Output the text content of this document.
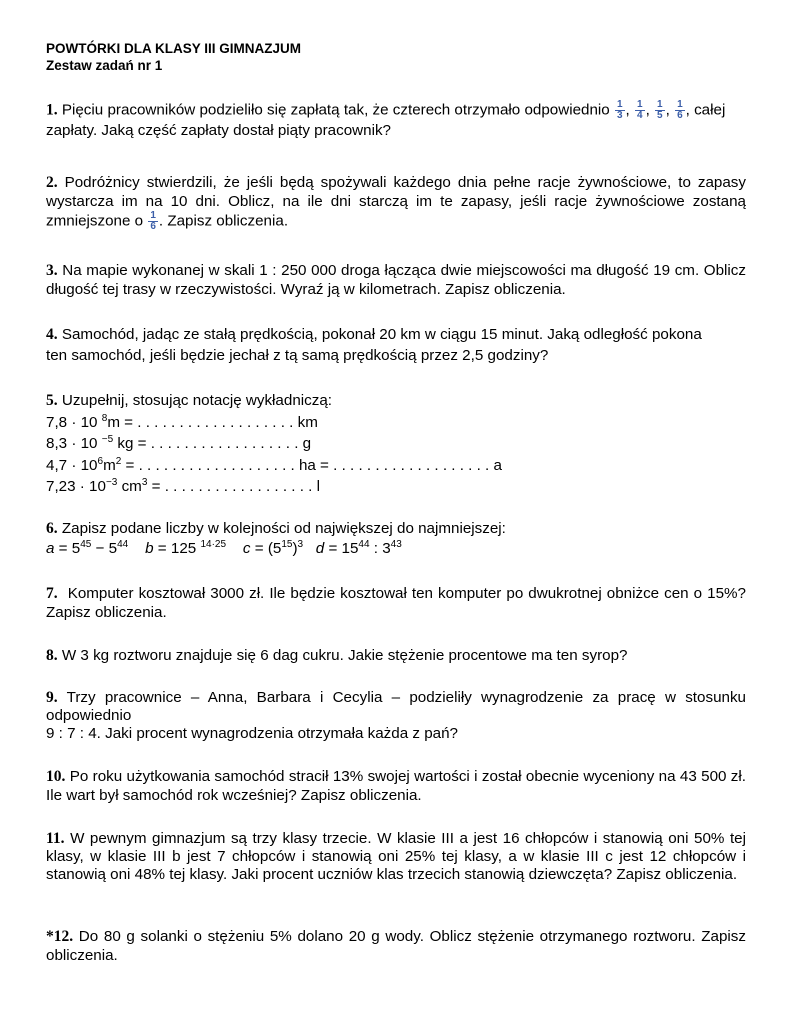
POWTÓRKI DLA KLASY III GIMNAZJUM
Zestaw zadań nr 1
1. Pięciu pracowników podzieliło się zapłatą tak, że czterech otrzymało odpowiednio $\frac{1}{3}$ , $\frac{1}{4}$ , $\frac{1}{5}$ , $\frac{1}{6}$ , całej zapłaty. Jaką część zapłaty dostał piąty pracownik?
2. Podróżnicy stwierdzili, że jeśli będą spożywali każdego dnia pełne racje żywnościowe, to zapasy wystarcza im na 10 dni. Oblicz, na ile dni starczą im te zapasy, jeśli racje żywnościowe zostaną zmniejszone o $\frac{1}{6}$ . Zapisz obliczenia.
3. Na mapie wykonanej w skali 1 : 250 000 droga łącząca dwie miejscowości ma długość 19 cm. Oblicz długość tej trasy w rzeczywistości. Wyraź ją w kilometrach. Zapisz obliczenia.
4. Samochód, jadąc ze stałą prędkością, pokonał 20 km w ciągu 15 minut. Jaką odległość pokona
ten samochód, jeśli będzie jechał z tą samą prędkością przez 2,5 godziny?
5. Uzupełnij, stosując notację wykładniczą:
7,8 · 10 $^8$m = . . . . . . . . . . . . . . . . . . . km
8,3 · 10 $^{-5}$ kg = . . . . . . . . . . . . . . . . . . g
$4,7 \cdot 10^6m^2$ = . . . . . . . . . . . . . . . . . . . ha = . . . . . . . . . . . . . . . . . . . a
$7,23 \cdot 10^{-3}$ $cm^3$ = . . . . . . . . . . . . . . . . . . l
6. Zapisz podane liczby w kolejności od największej do najmniejszej:
$a = 5^{45} - 5^{44}$ b = 125 $^{14\cdot 25}$ $c = (5^{15})^3$ $d = 15^{44}$ : $3^{43}$
7. Komputer kosztował 3000 zł. Ile będzie kosztował ten komputer po dwukrotnej obniżce cen o 15%? Zapisz obliczenia.
8. W 3 kg roztworu znajduje się 6 dag cukru. Jakie stężenie procentowe ma ten syrop?
9. Trzy pracownice – Anna, Barbara i Cecylia – podzieliły wynagrodzenie za pracę w stosunku odpowiednio
9 : 7 : 4. Jaki procent wynagrodzenia otrzymała każda z pań?
10. Po roku użytkowania samochód stracił 13% swojej wartości i został obecnie wyceniony na 43 500 zł. Ile wart był samochód rok wcześniej? Zapisz obliczenia.
11. W pewnym gimnazjum są trzy klasy trzecie. W klasie III a jest 16 chłopców i stanowią oni 50% tej klasy, w klasie III b jest 7 chłopców i stanowią oni 25% tej klasy, a w klasie III c jest 12 chłopców i stanowią oni 48% tej klasy. Jaki procent uczniów klas trzecich stanowią dziewczęta? Zapisz obliczenia.
*12. Do 80 g solanki o stężeniu 5% dolano 20 g wody. Oblicz stężenie otrzymanego roztworu. Zapisz obliczenia.
